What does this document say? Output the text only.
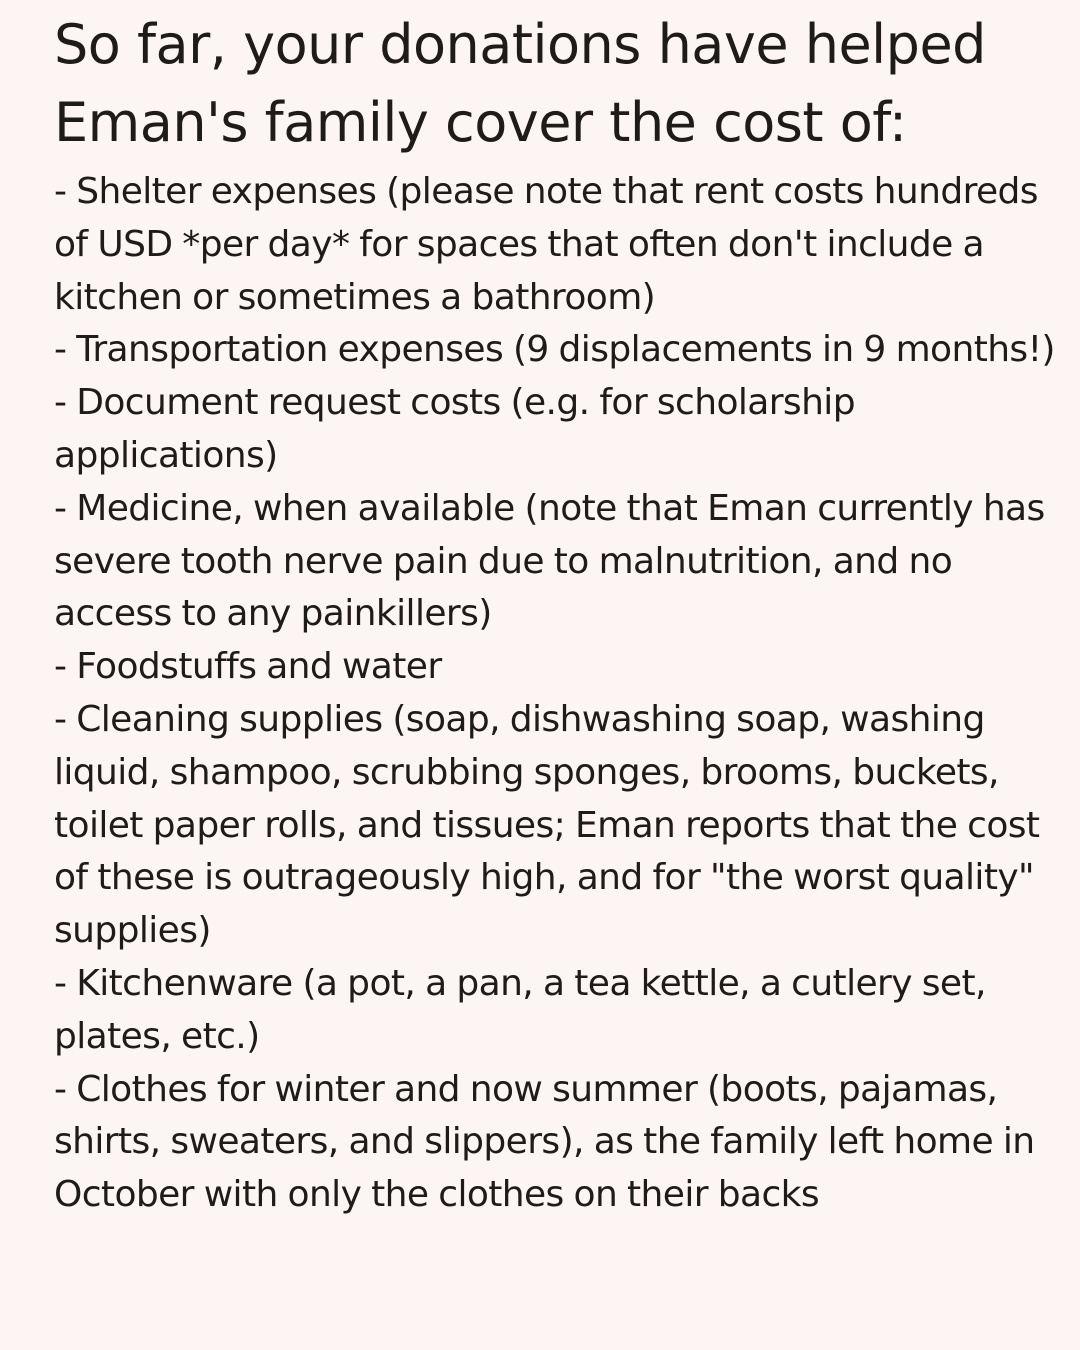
So far, your donations have helped Eman's family cover the cost of:
- Shelter expenses (please note that rent costs hundreds of USD *per day* for spaces that often don't include a kitchen or sometimes a bathroom)
- Transportation expenses (9 displacements in 9 months!)
- Document request costs (e.g. for scholarship applications)
- Medicine, when available (note that Eman currently has severe tooth nerve pain due to malnutrition, and no access to any painkillers)
- Foodstuffs and water
- Cleaning supplies (soap, dishwashing soap, washing liquid, shampoo, scrubbing sponges, brooms, buckets, toilet paper rolls, and tissues; Eman reports that the cost of these is outrageously high, and for "the worst quality" supplies)
- Kitchenware (a pot, a pan, a tea kettle, a cutlery set, plates, etc.)
- Clothes for winter and now summer (boots, pajamas, shirts, sweaters, and slippers), as the family left home in October with only the clothes on their backs
